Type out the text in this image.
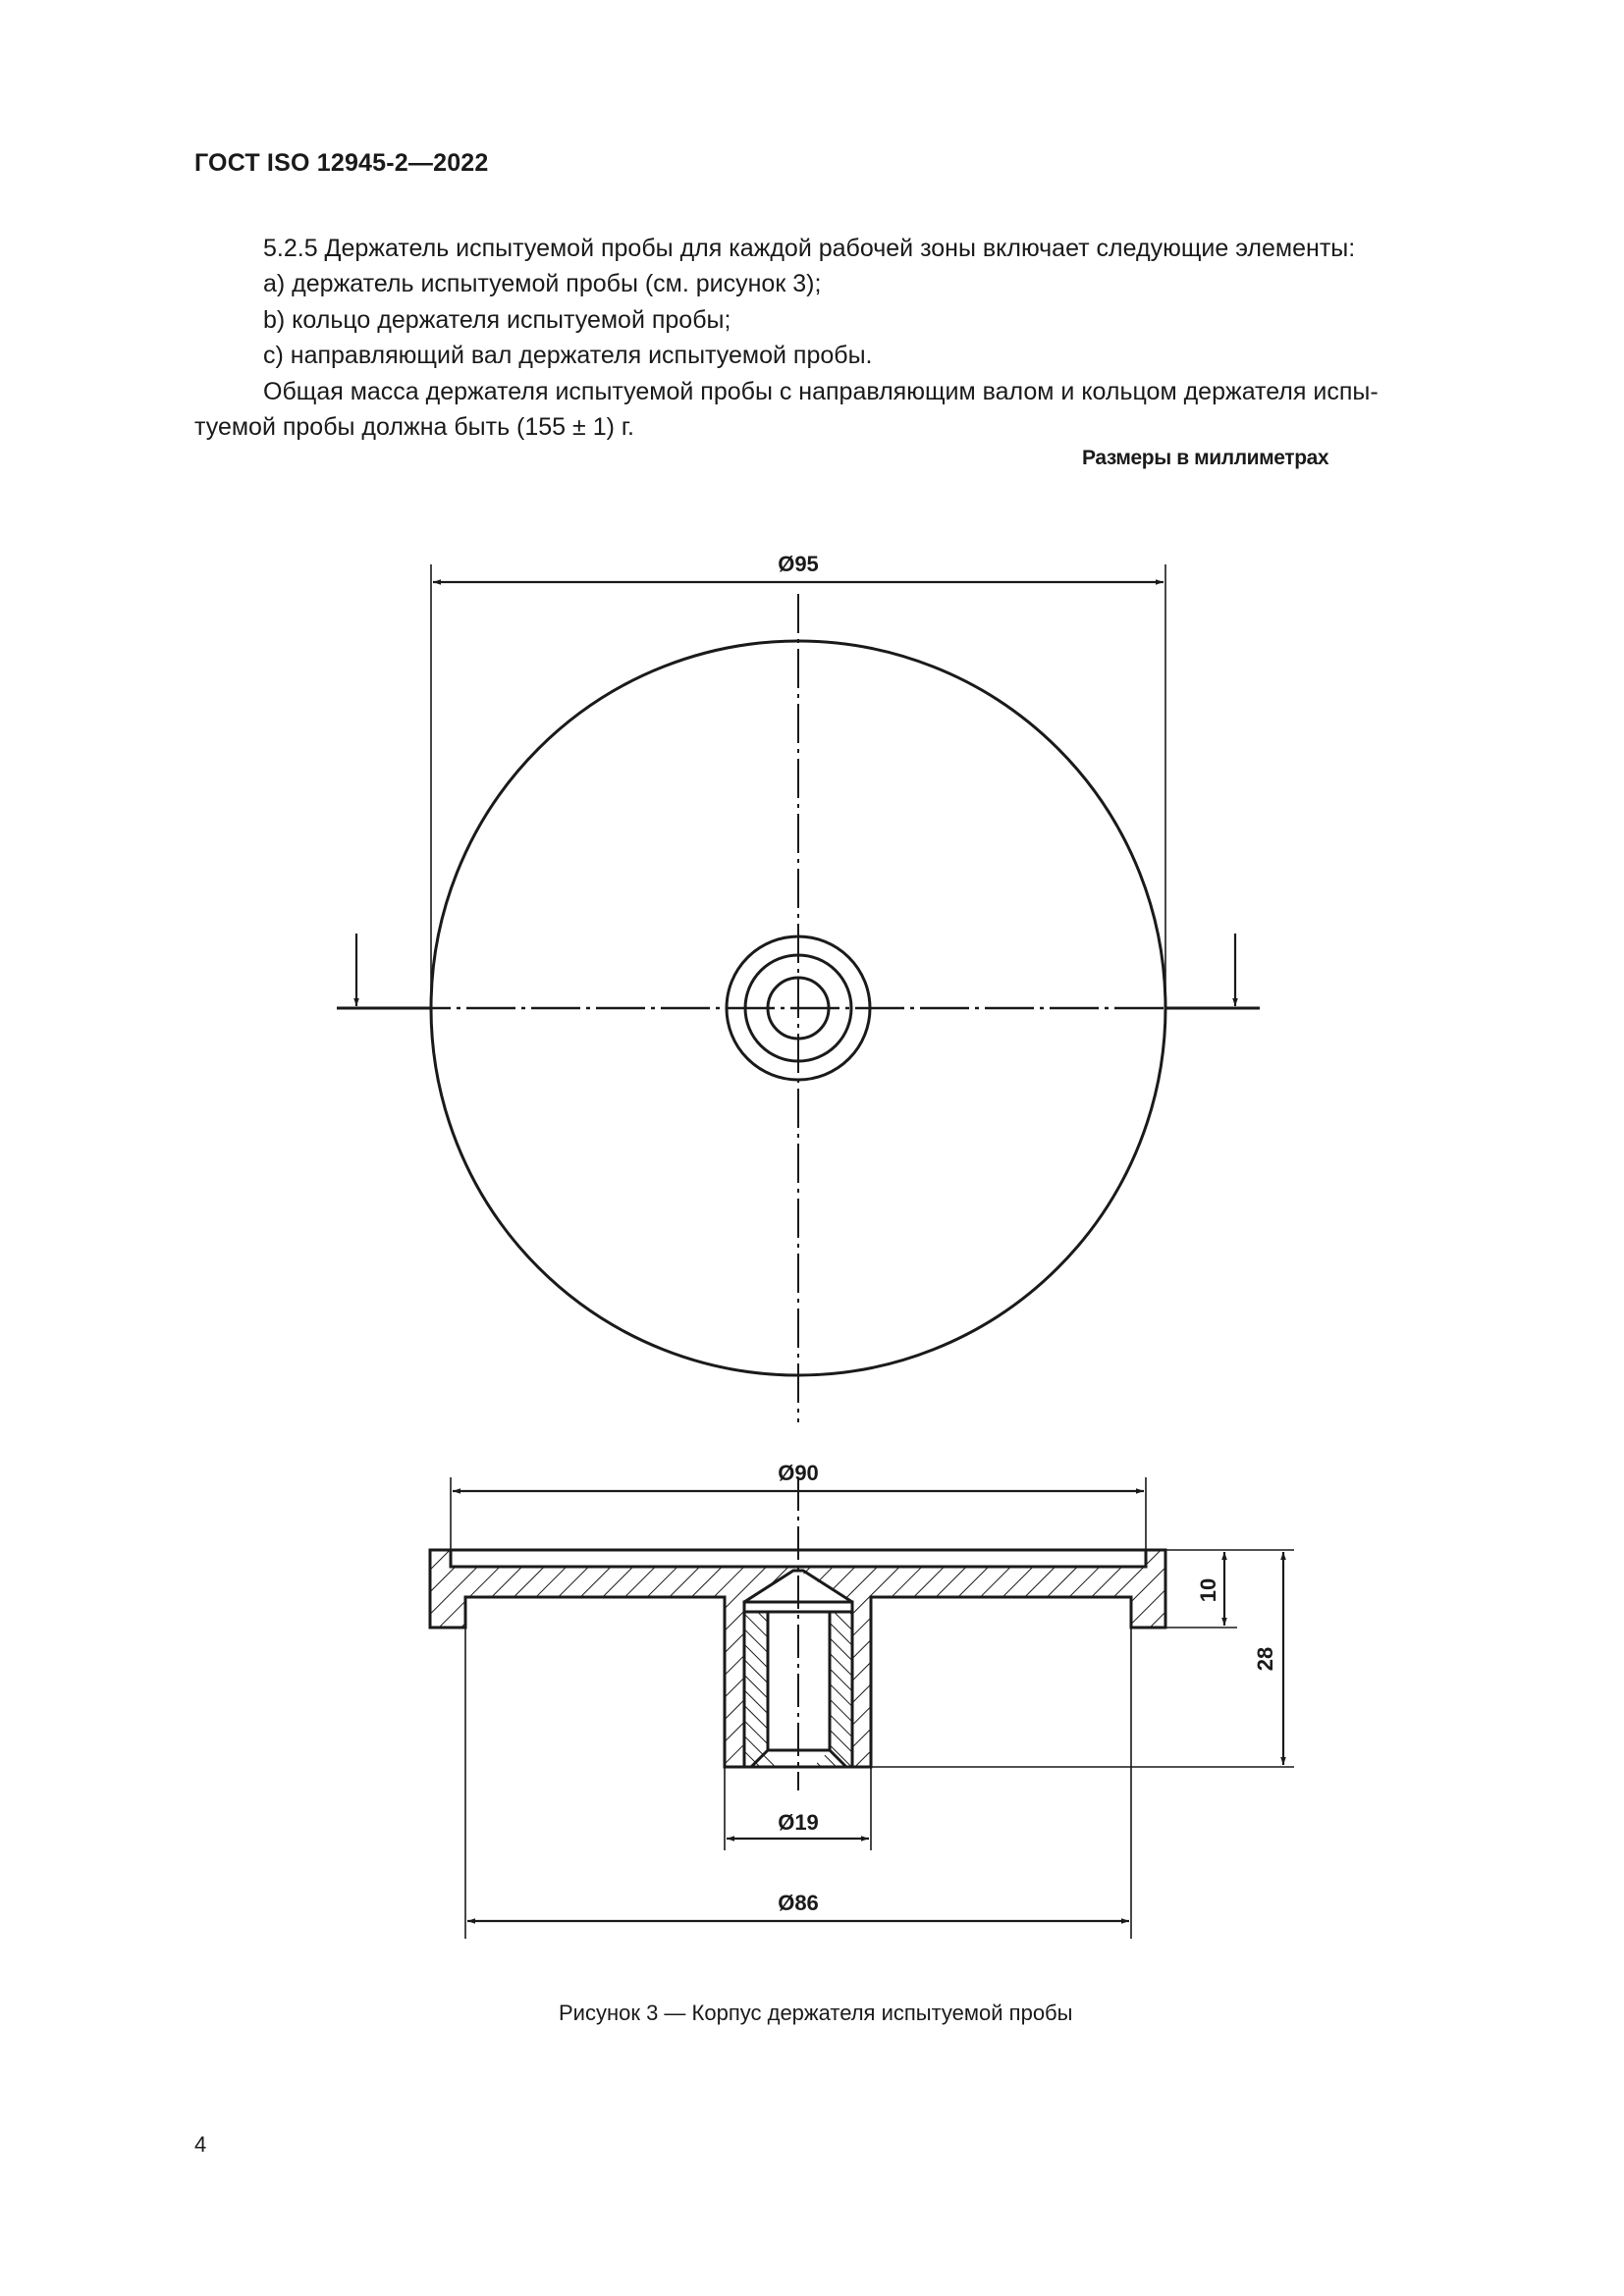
ГОСТ ISO 12945-2—2022
5.2.5 Держатель испытуемой пробы для каждой рабочей зоны включает следующие элементы:
a) держатель испытуемой пробы (см. рисунок 3);
b) кольцо держателя испытуемой пробы;
c) направляющий вал держателя испытуемой пробы.
Общая масса держателя испытуемой пробы с направляющим валом и кольцом держателя испы-
туемой пробы должна быть (155 ± 1) г.
Размеры в миллиметрах
Ø95
Ø90
10
28
Ø19
Ø86
Рисунок 3 — Корпус держателя испытуемой пробы
4
